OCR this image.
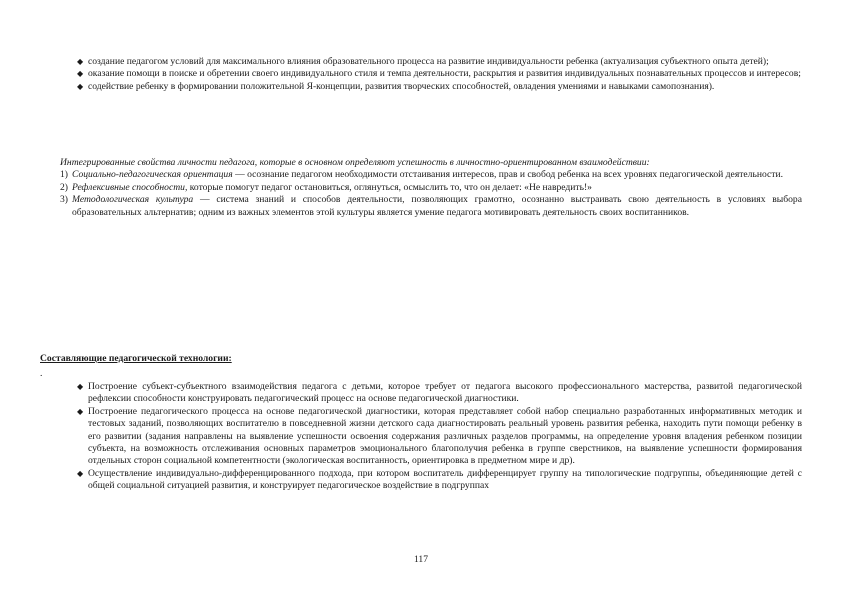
◆ создание педагогом условий для максимального влияния образовательного процесса на развитие индивидуальности ребенка (актуализация субъектного опыта детей);
◆ оказание помощи в поиске и обретении своего индивидуального стиля и темпа деятельности, раскрытия и развития индивидуальных познавательных процессов и интересов;
◆ содействие ребенку в формировании положительной Я-концепции, развития творческих способностей, овладения умениями и навыками самопознания).
Интегрированные свойства личности педагога, которые в основном определяют успешность в личностно-ориентированном взаимодействии:
1) Социально-педагогическая ориентация — осознание педагогом необходимости отстаивания интересов, прав и свобод ребенка на всех уровнях педагогической деятельности.
2) Рефлексивные способности, которые помогут педагог остановиться, оглянуться, осмыслить то, что он делает: «Не навредить!»
3) Методологическая культура — система знаний и способов деятельности, позволяющих грамотно, осознанно выстраивать свою деятельность в условиях выбора образовательных альтернатив; одним из важных элементов этой культуры является умение педагога мотивировать деятельность своих воспитанников.
Составляющие педагогической технологии:
.
◆ Построение субъект-субъектного взаимодействия педагога с детьми, которое требует от педагога высокого профессионального мастерства, развитой педагогической рефлексии способности конструировать педагогический процесс на основе педагогической диагностики.
◆ Построение педагогического процесса на основе педагогической диагностики, которая представляет собой набор специально разработанных информативных методик и тестовых заданий, позволяющих воспитателю в повседневной жизни детского сада диагностировать реальный уровень развития ребенка, находить пути помощи ребенку в его развитии (задания направлены на выявление успешности освоения содержания различных разделов программы, на определение уровня владения ребенком позиции субъекта, на возможность отслеживания основных параметров эмоционального благополучия ребенка в группе сверстников, на выявление успешности формирования отдельных сторон социальной компетентности (экологическая воспитанность, ориентировка в предметном мире и др).
◆ Осуществление индивидуально-дифференцированного подхода, при котором воспитатель дифференцирует группу на типологические подгруппы, объединяющие детей с общей социальной ситуацией развития, и конструирует педагогическое воздействие в подгруппах
117
